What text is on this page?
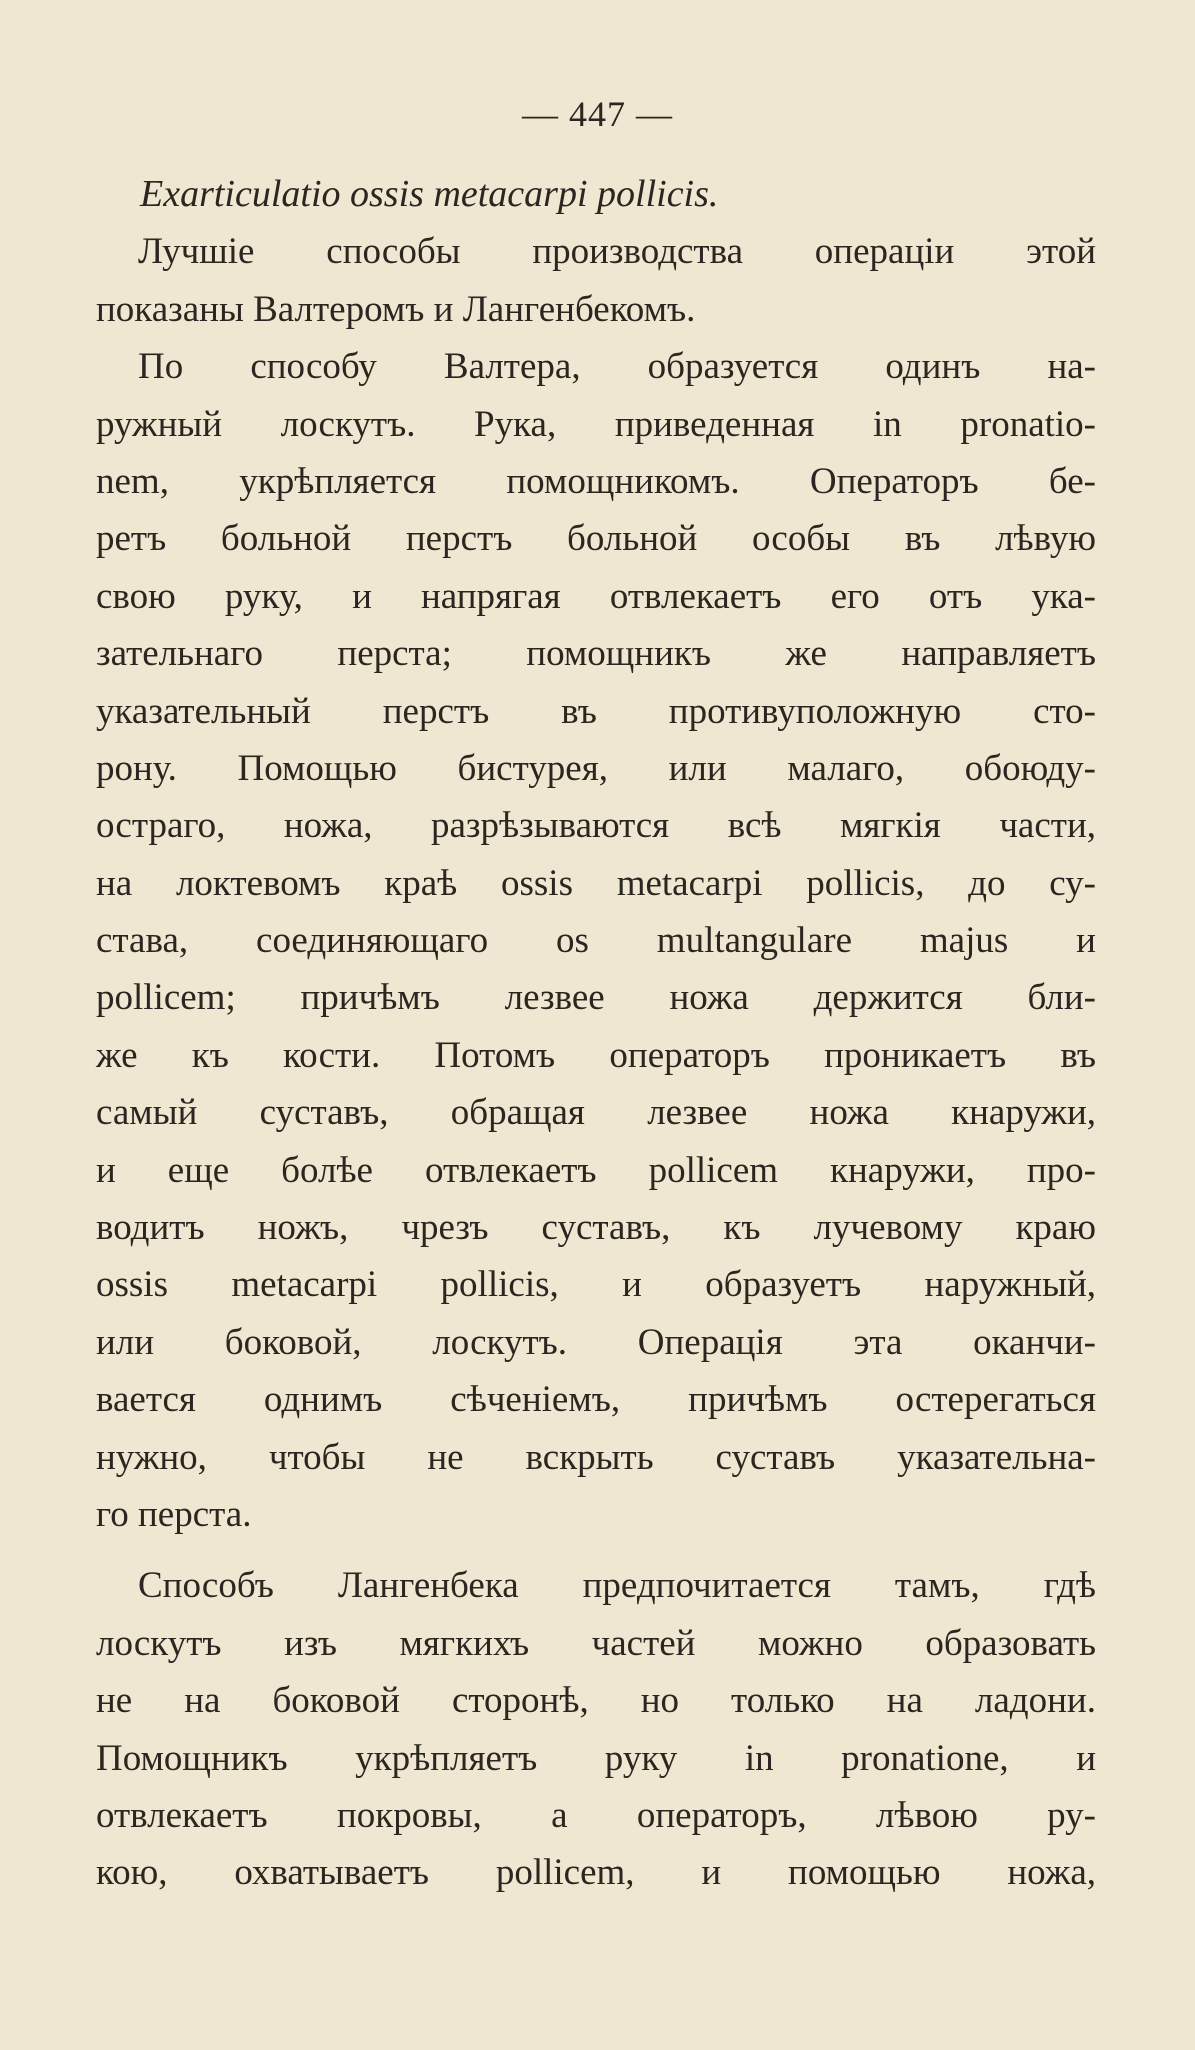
— 447 —
Exarticulatio ossis metacarpi pollicis.
Лучшіе способы производства операціи этой
показаны Валтеромъ и Лангенбекомъ.
По способу Валтера, образуется одинъ на-
ружный лоскутъ. Рука, приведенная in pronatio-
nem, укрѣпляется помощникомъ. Операторъ бе-
ретъ больной перстъ больной особы въ лѣвую
свою руку, и напрягая отвлекаетъ его отъ ука-
зательнаго перста; помощникъ же направляетъ
указательный перстъ въ противуположную сто-
рону. Помощью бистурея, или малаго, обоюду-
остраго, ножа, разрѣзываются всѣ мягкія части,
на локтевомъ краѣ ossis metacarpi pollicis, до су-
става, соединяющаго os multangulare majus и
pollicem; причѣмъ лезвее ножа держится бли-
же къ кости. Потомъ операторъ проникаетъ въ
самый суставъ, обращая лезвее ножа кнаружи,
и еще болѣе отвлекаетъ pollicem кнаружи, про-
водитъ ножъ, чрезъ суставъ, къ лучевому краю
ossis metacarpi pollicis, и образуетъ наружный,
или боковой, лоскутъ. Операція эта оканчи-
вается однимъ сѣченіемъ, причѣмъ остерегаться
нужно, чтобы не вскрыть суставъ указательна-
го перста.
Способъ Лангенбека предпочитается тамъ, гдѣ
лоскутъ изъ мягкихъ частей можно образовать
не на боковой сторонѣ, но только на ладони.
Помощникъ укрѣпляетъ руку in pronatione, и
отвлекаетъ покровы, а операторъ, лѣвою ру-
кою, охватываетъ pollicem, и помощью ножа,
